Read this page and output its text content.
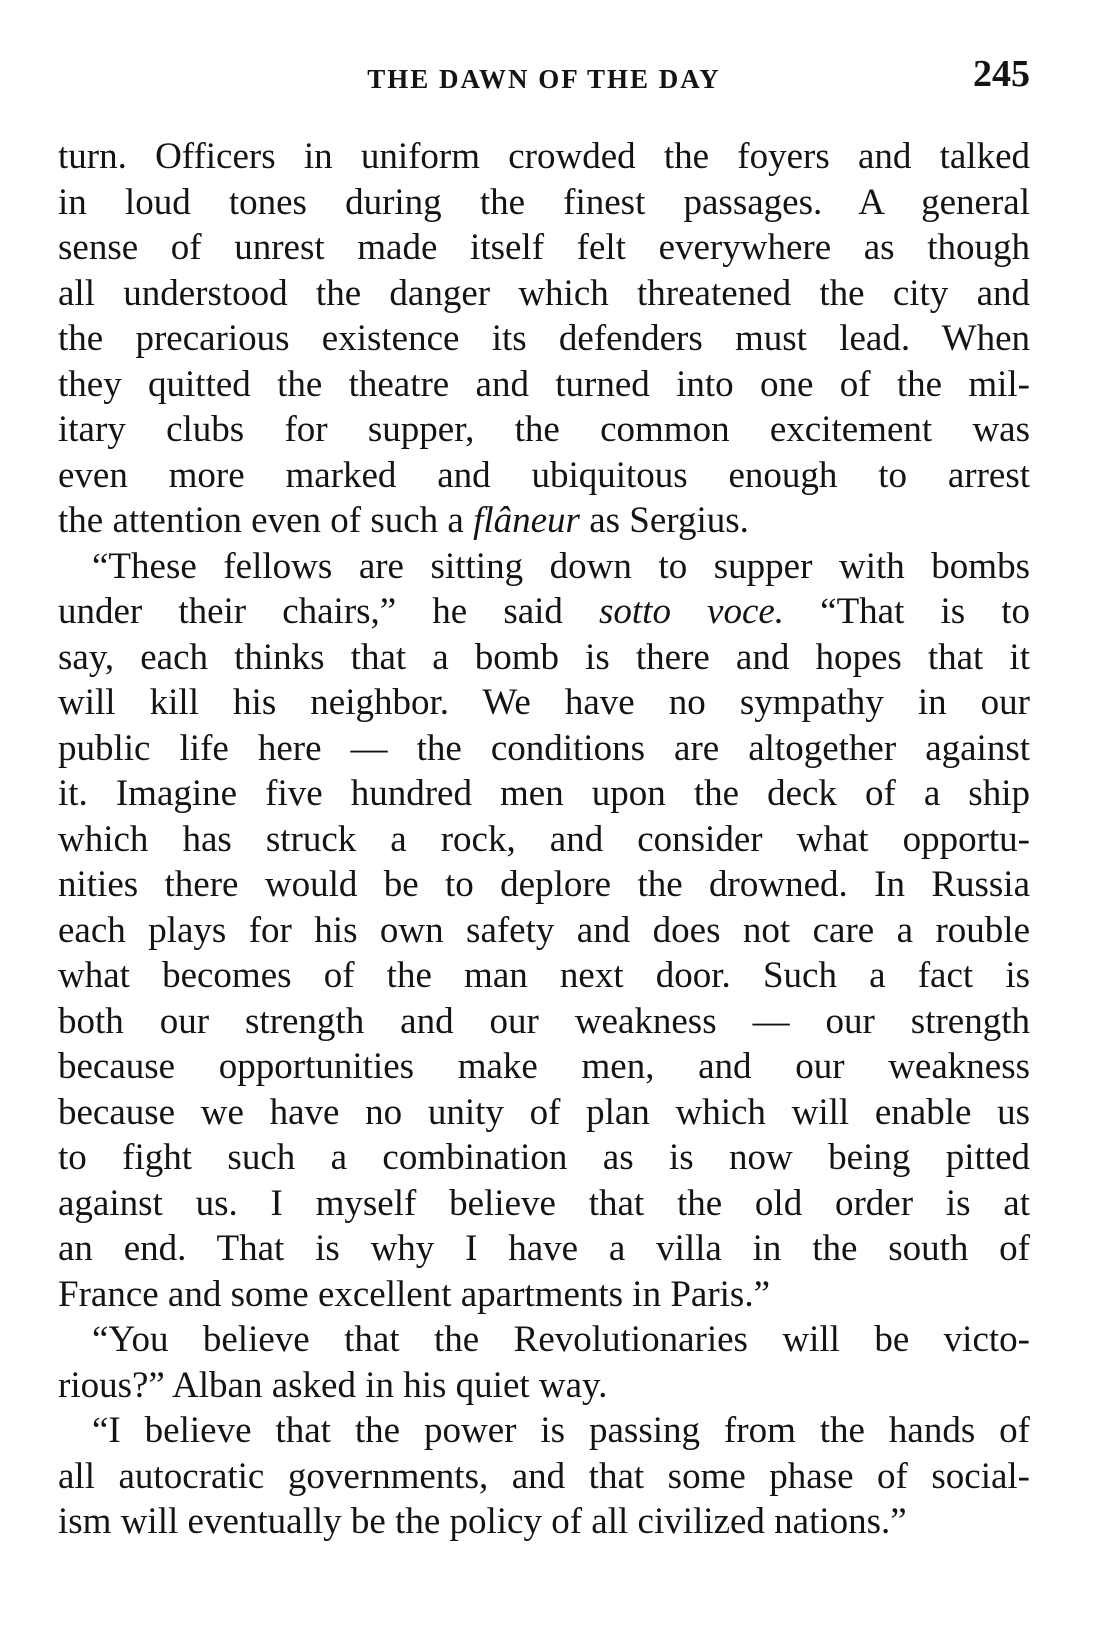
THE DAWN OF THE DAY	245
turn. Officers in uniform crowded the foyers and talked
in loud tones during the finest passages. A general
sense of unrest made itself felt everywhere as though
all understood the danger which threatened the city and
the precarious existence its defenders must lead. When
they quitted the theatre and turned into one of the mil-
itary clubs for supper, the common excitement was
even more marked and ubiquitous enough to arrest
the attention even of such a flâneur as Sergius.
“These fellows are sitting down to supper with bombs
under their chairs,” he said sotto voce. “That is to
say, each thinks that a bomb is there and hopes that it
will kill his neighbor. We have no sympathy in our
public life here — the conditions are altogether against
it. Imagine five hundred men upon the deck of a ship
which has struck a rock, and consider what opportu-
nities there would be to deplore the drowned. In Russia
each plays for his own safety and does not care a rouble
what becomes of the man next door. Such a fact is
both our strength and our weakness — our strength
because opportunities make men, and our weakness
because we have no unity of plan which will enable us
to fight such a combination as is now being pitted
against us. I myself believe that the old order is at
an end. That is why I have a villa in the south of
France and some excellent apartments in Paris.”
“You believe that the Revolutionaries will be victo-
rious?” Alban asked in his quiet way.
“I believe that the power is passing from the hands of
all autocratic governments, and that some phase of social-
ism will eventually be the policy of all civilized nations.”
